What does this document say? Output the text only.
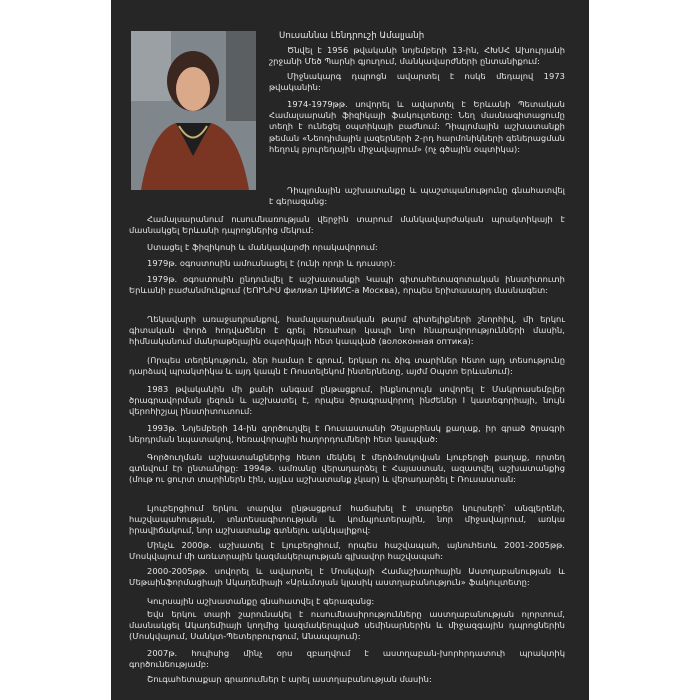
Սուսաննա Լենդրուշի Ամալյանի
Ծնվել է 1956 թվականի նոյեմբերի 13-ին, ՀԽՍՀ Ախուրյանի շրջանի Մեծ Պարնի գյուղում, մանկավարժների ընտանիքում:
Միջնակարգ դպրոցն ավարտել է ոսկե մեդալով 1973 թվականին:
1974-1979թթ. սովորել և ավարտել է Երևանի Պետական Համալսարանի ֆիզիկայի ֆակուլտետը: Նեղ մասնագիտացումը տեղի է ունեցել օպտիկայի բաժնում: Դիպլոմային աշխատանքի թեման «Նեոդիմային լազերների 2-րդ հարմոնիկների գեներացման հեղուկ բյուրեղային միջավայրում» (ոչ գծային օպտիկա):
Դիպլոմային աշխատանքը և պաշտպանությունը գնահատվել է գերազանց:
Համալսարանում ուսումնառության վերջին տարում մանկավարժական պրակտիկայի է մասնակցել Երևանի դպրոցներից մեկում:
Ստացել է ֆիզիկոսի և մանկավարժի որակավորում:
1979թ. օգոստոսին ամուսնացել է (ունի որդի և դուստր):
1979թ. օգոստոսին ընդունվել է աշխատանքի Կապի գիտահետազոտական ինստիտուտի Երևանի բաժանմունքում (ԵՈՒՆԻՍ филиал ЦНИИС-а Москва), որպես երիտասարդ մասնագետ:
Ղեկավարի առաջադրանքով, համալսարանական թարմ գիտելիքների շնորհիվ, մի երկու գիտական փորձ հոդվածներ է գրել հեռահար կապի նոր հնարավորությունների մասին, հիմնականում մանրաթելային օպտիկայի հետ կապված (волоконная оптика):
(Որպես տեղեկություն, ձեր համար է գրում, երկար ու ձիգ տարիներ հետո այդ տեսությունը դարձավ պրակտիկա և այդ կապն է Ռոստելեկոմ ինտերնետը, այժմ Օպտո Երևանում):
1983 թվականին մի քանի անգամ ընթացքում, ինքնուրույն սովորել է Մակրոասեմբլեր ծրագրավորման լեզուն և աշխատել է, որպես ծրագրավորող ինժեներ I կատեգորիայի, նույն վերոհիշյալ ինստիտուտում:
1993թ. Նոյեմբերի 14-ին գործուղվել է Ռուսաստանի Չելյաբինսկ քաղաք, իր գրած ծրագրի ներդրման նպատակով, հեռավորային հաղորդումների հետ կապված:
Գործուղման աշխատանքներից հետո մեկնել է մերձմոսկովյան Լյուբերցի քաղաք, որտեղ գտնվում էր ընտանիքը: 1994թ. ամռանը վերադարձել է Հայաստան, ազատվել աշխատանքից (մութ ու ցուրտ տարիներն էին, այլևս աշխատանք չկար) և վերադարձել է Ռուսաստան:
Լյուբերցիում երկու տարվա ընթացքում հաճախել է տարբեր կուրսերի՝ անգլերենի, հաշվապահության, տնտեսագիտության և կոմպյուտերային, նոր միջավայրում, առկա իրավիճակում, նոր աշխատանք գտնելու ակնկալիքով:
Մինչև 2000թ. աշխատել է Լյուբերցիում, որպես հաշվապահ, այնուհետև 2001-2005թթ. Մոսկվայում մի առևտրային կազմակերպության գլխավոր հաշվապահ:
2000-2005թթ. սովորել և ավարտել է Մոսկվայի Համաշխարհային Աստղաբանության և Մեթաինֆորմացիայի Ակադեմիայի «Արևմտյան կլասիկ աստղաբանություն» ֆակուլտետը:
Կուրսային աշխատանքը գնահատվել է գերազանց:
Եվս երկու տարի շարունակել է ուսումնասիրությունները աստղաբանության ոլորտում, մասնակցել Ակադեմիայի կողմից կազմակերպված սեմինարներին և միջազգային դպրոցներին (Մոսկվայում, Սանկտ-Պետերբուրգում, Անապայում):
2007թ. հուլիսից մինչ օրս զբաղվում է աստղաբան-խորհրդատուի պրակտիկ գործունեությամբ:
Շուգահետաքար գրառումներ է արել աստղաբանության մասին:
